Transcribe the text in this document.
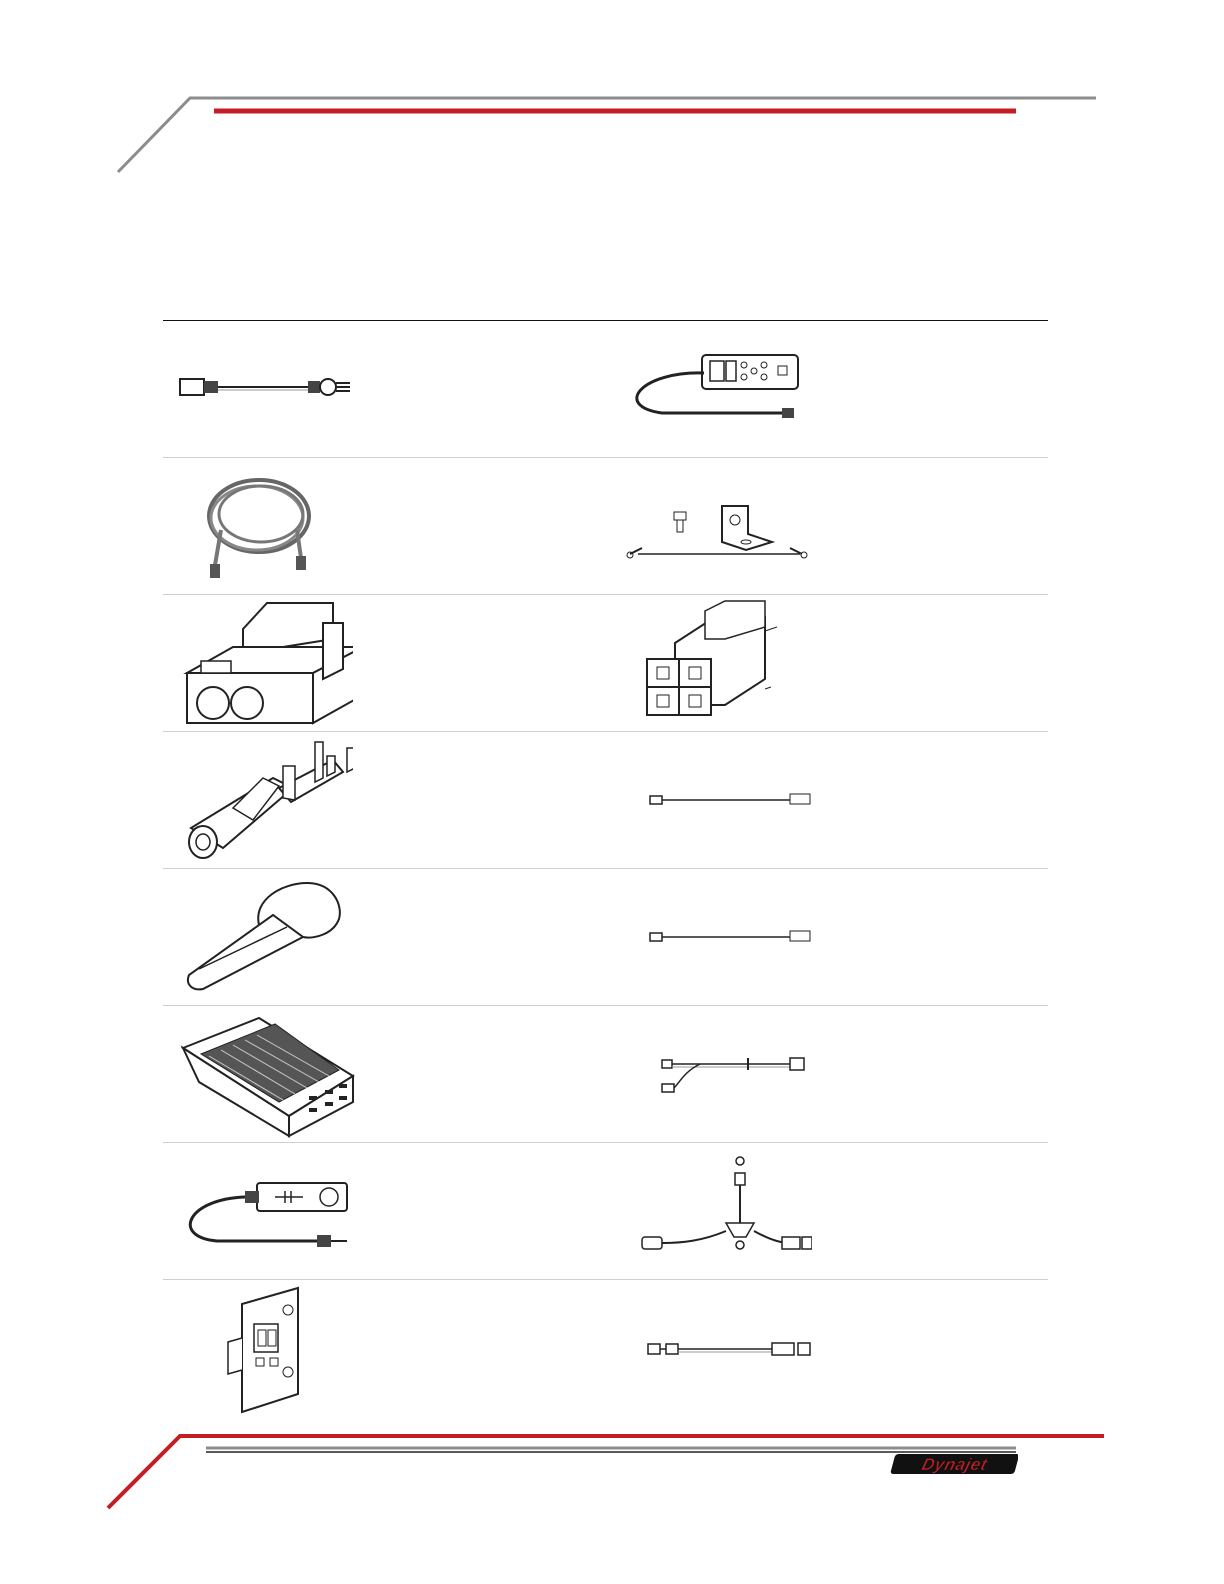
Dynajet
